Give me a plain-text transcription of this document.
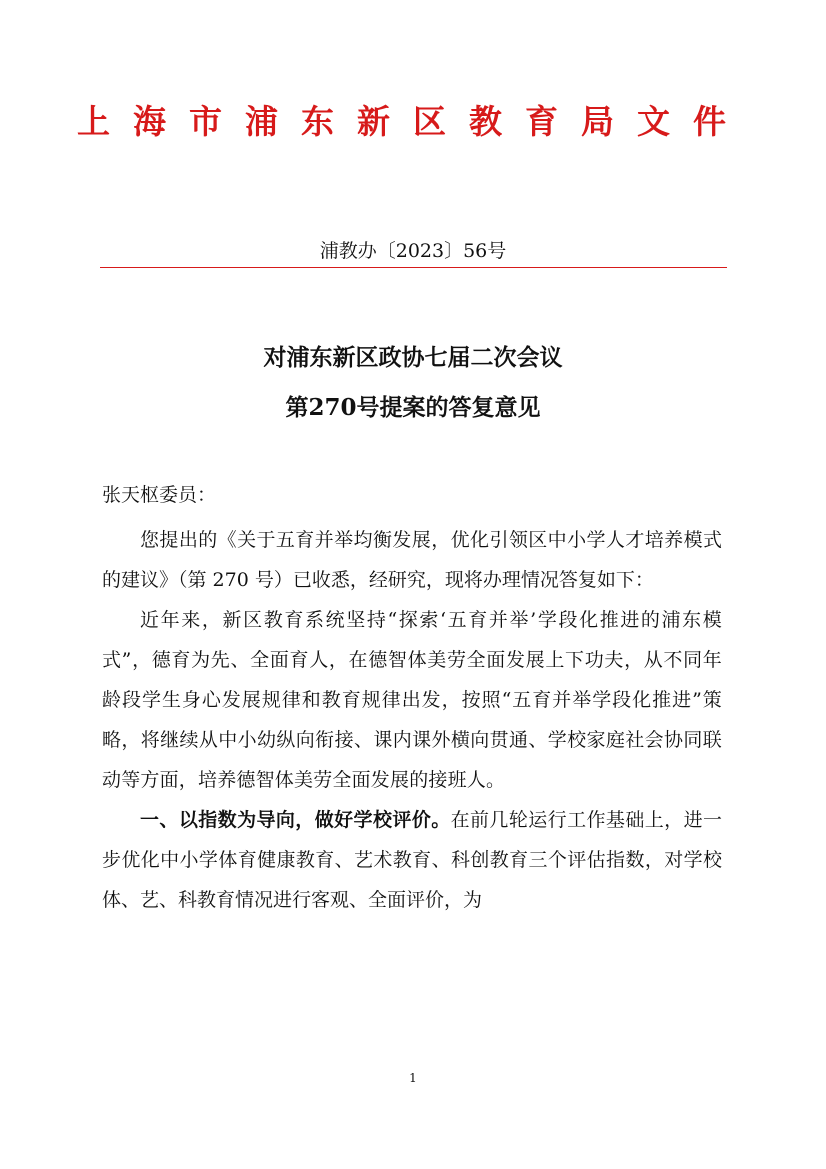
上海市浦东新区教育局文件
浦教办〔2023〕56号
对浦东新区政协七届二次会议
第270号提案的答复意见
张天枢委员：

您提出的《关于五育并举均衡发展，优化引领区中小学人才培养模式的建议》（第 270 号）已收悉，经研究，现将办理情况答复如下：

近年来，新区教育系统坚持“探索‘五育并举’学段化推进的浦东模式”，德育为先、全面育人，在德智体美劳全面发展上下功夫，从不同年龄段学生身心发展规律和教育规律出发，按照“五育并举学段化推进”策略，将继续从中小幼纵向衔接、课内课外横向贯通、学校家庭社会协同联动等方面，培养德智体美劳全面发展的接班人。

一、以指数为导向，做好学校评价。在前几轮运行工作基础上，进一步优化中小学体育健康教育、艺术教育、科创教育三个评估指数，对学校体、艺、科教育情况进行客观、全面评价，为

1
